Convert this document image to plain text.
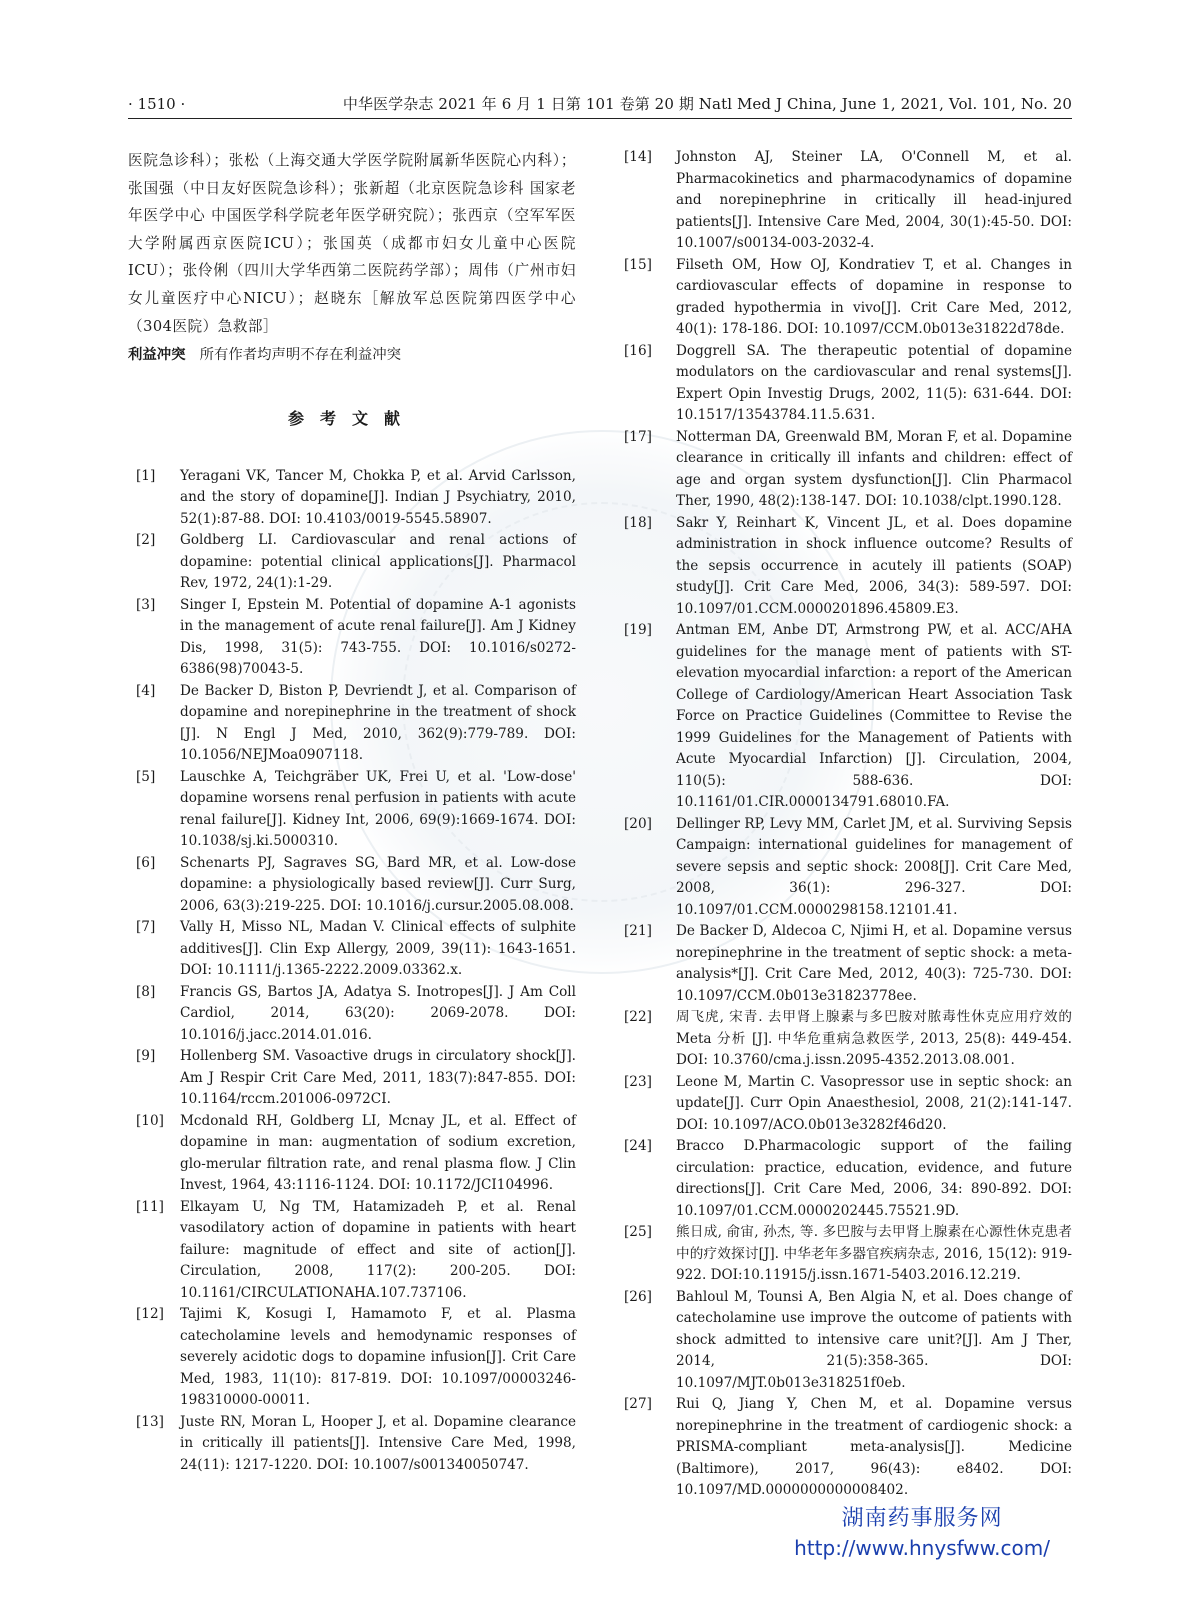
· 1510 ·	中华医学杂志 2021 年 6 月 1 日第 101 卷第 20 期 Natl Med J China, June 1, 2021, Vol. 101, No. 20

医院急诊科）；张松（上海交通大学医学院附属新华医院心内科）；张国强（中日友好医院急诊科）；张新超（北京医院急诊科 国家老年医学中心 中国医学科学院老年医学研究院）；张西京（空军军医大学附属西京医院ICU）；张国英（成都市妇女儿童中心医院ICU）；张伶俐（四川大学华西第二医院药学部）；周伟（广州市妇女儿童医疗中心NICU）；赵晓东［解放军总医院第四医学中心（304医院）急救部］

利益冲突 所有作者均声明不存在利益冲突

参考文献
[1]	Yeragani VK, Tancer M, Chokka P, et al. Arvid Carlsson, and the story of dopamine[J]. Indian J Psychiatry, 2010, 52(1):87-88. DOI: 10.4103/0019-5545.58907.
[2]	Goldberg LI. Cardiovascular and renal actions of dopamine: potential clinical applications[J]. Pharmacol Rev, 1972, 24(1):1-29.
[3]	Singer I, Epstein M. Potential of dopamine A-1 agonists in the management of acute renal failure[J]. Am J Kidney Dis, 1998, 31(5): 743-755. DOI: 10.1016/s0272-6386(98)70043-5.
[4]	De Backer D, Biston P, Devriendt J, et al. Comparison of dopamine and norepinephrine in the treatment of shock [J]. N Engl J Med, 2010, 362(9):779-789. DOI: 10.1056/NEJMoa0907118.
[5]	Lauschke A, Teichgräber UK, Frei U, et al. 'Low-dose' dopamine worsens renal perfusion in patients with acute renal failure[J]. Kidney Int, 2006, 69(9):1669-1674. DOI: 10.1038/sj.ki.5000310.
[6]	Schenarts PJ, Sagraves SG, Bard MR, et al. Low-dose dopamine: a physiologically based review[J]. Curr Surg, 2006, 63(3):219-225. DOI: 10.1016/j.cursur.2005.08.008.
[7]	Vally H, Misso NL, Madan V. Clinical effects of sulphite additives[J]. Clin Exp Allergy, 2009, 39(11): 1643-1651. DOI: 10.1111/j.1365-2222.2009.03362.x.
[8]	Francis GS, Bartos JA, Adatya S. Inotropes[J]. J Am Coll Cardiol, 2014, 63(20): 2069-2078. DOI: 10.1016/j.jacc.2014.01.016.
[9]	Hollenberg SM. Vasoactive drugs in circulatory shock[J]. Am J Respir Crit Care Med, 2011, 183(7):847-855. DOI: 10.1164/rccm.201006-0972CI.
[10]	Mcdonald RH, Goldberg LI, Mcnay JL, et al. Effect of dopamine in man: augmentation of sodium excretion, glo-merular filtration rate, and renal plasma flow. J Clin Invest, 1964, 43:1116-1124. DOI: 10.1172/JCI104996.
[11]	Elkayam U, Ng TM, Hatamizadeh P, et al. Renal vasodilatory action of dopamine in patients with heart failure: magnitude of effect and site of action[J]. Circulation, 2008, 117(2): 200-205. DOI: 10.1161/CIRCULATIONAHA.107.737106.
[12]	Tajimi K, Kosugi I, Hamamoto F, et al. Plasma catecholamine levels and hemodynamic responses of severely acidotic dogs to dopamine infusion[J]. Crit Care Med, 1983, 11(10): 817-819. DOI: 10.1097/00003246-198310000-00011.
[13]	Juste RN, Moran L, Hooper J, et al. Dopamine clearance in critically ill patients[J]. Intensive Care Med, 1998, 24(11): 1217-1220. DOI: 10.1007/s001340050747.
[14]	Johnston AJ, Steiner LA, O'Connell M, et al. Pharmacokinetics and pharmacodynamics of dopamine and norepinephrine in critically ill head-injured patients[J]. Intensive Care Med, 2004, 30(1):45-50. DOI: 10.1007/s00134-003-2032-4.
[15]	Filseth OM, How OJ, Kondratiev T, et al. Changes in cardiovascular effects of dopamine in response to graded hypothermia in vivo[J]. Crit Care Med, 2012, 40(1): 178-186. DOI: 10.1097/CCM.0b013e31822d78de.
[16]	Doggrell SA. The therapeutic potential of dopamine modulators on the cardiovascular and renal systems[J]. Expert Opin Investig Drugs, 2002, 11(5): 631-644. DOI: 10.1517/13543784.11.5.631.
[17]	Notterman DA, Greenwald BM, Moran F, et al. Dopamine clearance in critically ill infants and children: effect of age and organ system dysfunction[J]. Clin Pharmacol Ther, 1990, 48(2):138-147. DOI: 10.1038/clpt.1990.128.
[18]	Sakr Y, Reinhart K, Vincent JL, et al. Does dopamine administration in shock influence outcome? Results of the sepsis occurrence in acutely ill patients (SOAP) study[J]. Crit Care Med, 2006, 34(3): 589-597. DOI: 10.1097/01.CCM.0000201896.45809.E3.
[19]	Antman EM, Anbe DT, Armstrong PW, et al. ACC/AHA guidelines for the manage ment of patients with ST-elevation myocardial infarction: a report of the American College of Cardiology/American Heart Association Task Force on Practice Guidelines (Committee to Revise the 1999 Guidelines for the Management of Patients with Acute Myocardial Infarction) [J]. Circulation, 2004, 110(5): 588-636. DOI: 10.1161/01.CIR.0000134791.68010.FA.
[20]	Dellinger RP, Levy MM, Carlet JM, et al. Surviving Sepsis Campaign: international guidelines for management of severe sepsis and septic shock: 2008[J]. Crit Care Med, 2008, 36(1): 296-327. DOI: 10.1097/01.CCM.0000298158.12101.41.
[21]	De Backer D, Aldecoa C, Njimi H, et al. Dopamine versus norepinephrine in the treatment of septic shock: a meta-analysis*[J]. Crit Care Med, 2012, 40(3): 725-730. DOI: 10.1097/CCM.0b013e31823778ee.
[22]	周飞虎, 宋青. 去甲肾上腺素与多巴胺对脓毒性休克应用疗效的 Meta 分析 [J]. 中华危重病急救医学, 2013, 25(8): 449-454. DOI: 10.3760/cma.j.issn.2095-4352.2013.08.001.
[23]	Leone M, Martin C. Vasopressor use in septic shock: an update[J]. Curr Opin Anaesthesiol, 2008, 21(2):141-147. DOI: 10.1097/ACO.0b013e3282f46d20.
[24]	Bracco D.Pharmacologic support of the failing circulation: practice, education, evidence, and future directions[J]. Crit Care Med, 2006, 34: 890-892. DOI: 10.1097/01.CCM.0000202445.75521.9D.
[25]	熊日成, 俞宙, 孙杰, 等. 多巴胺与去甲肾上腺素在心源性休克患者中的疗效探讨[J]. 中华老年多器官疾病杂志, 2016, 15(12): 919-922. DOI:10.11915/j.issn.1671-5403.2016.12.219.
[26]	Bahloul M, Tounsi A, Ben Algia N, et al. Does change of catecholamine use improve the outcome of patients with shock admitted to intensive care unit?[J]. Am J Ther, 2014, 21(5):358-365. DOI: 10.1097/MJT.0b013e318251f0eb.
[27]	Rui Q, Jiang Y, Chen M, et al. Dopamine versus norepinephrine in the treatment of cardiogenic shock: a PRISMA-compliant meta-analysis[J]. Medicine (Baltimore), 2017, 96(43): e8402. DOI: 10.1097/MD.0000000000008402.
湖南药事服务网
http://www.hnysfww.com/
